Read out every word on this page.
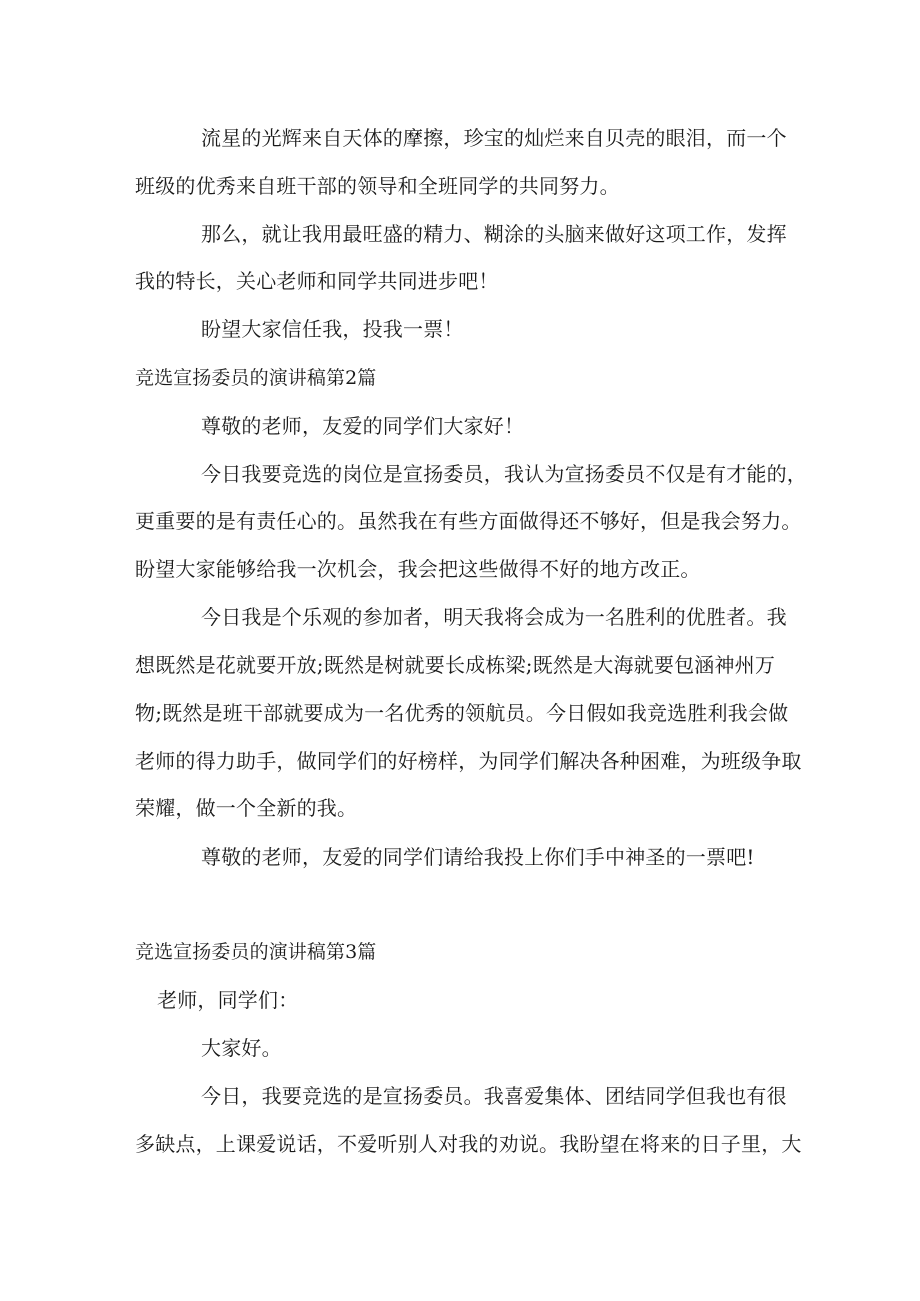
流星的光辉来自天体的摩擦，珍宝的灿烂来自贝壳的眼泪，而一个
班级的优秀来自班干部的领导和全班同学的共同努力。
那么，就让我用最旺盛的精力、糊涂的头脑来做好这项工作，发挥
我的特长，关心老师和同学共同进步吧！
盼望大家信任我，投我一票！
竞选宣扬委员的演讲稿第2篇
尊敬的老师，友爱的同学们大家好！
今日我要竞选的岗位是宣扬委员，我认为宣扬委员不仅是有才能的，
更重要的是有责任心的。虽然我在有些方面做得还不够好，但是我会努力。
盼望大家能够给我一次机会，我会把这些做得不好的地方改正。
今日我是个乐观的参加者，明天我将会成为一名胜利的优胜者。我
想既然是花就要开放;既然是树就要长成栋梁;既然是大海就要包涵神州万
物;既然是班干部就要成为一名优秀的领航员。今日假如我竞选胜利我会做
老师的得力助手，做同学们的好榜样，为同学们解决各种困难，为班级争取
荣耀，做一个全新的我。
尊敬的老师，友爱的同学们请给我投上你们手中神圣的一票吧!
竞选宣扬委员的演讲稿第3篇
老师，同学们：
大家好。
今日，我要竞选的是宣扬委员。我喜爱集体、团结同学但我也有很
多缺点，上课爱说话，不爱听别人对我的劝说。我盼望在将来的日子里，大
